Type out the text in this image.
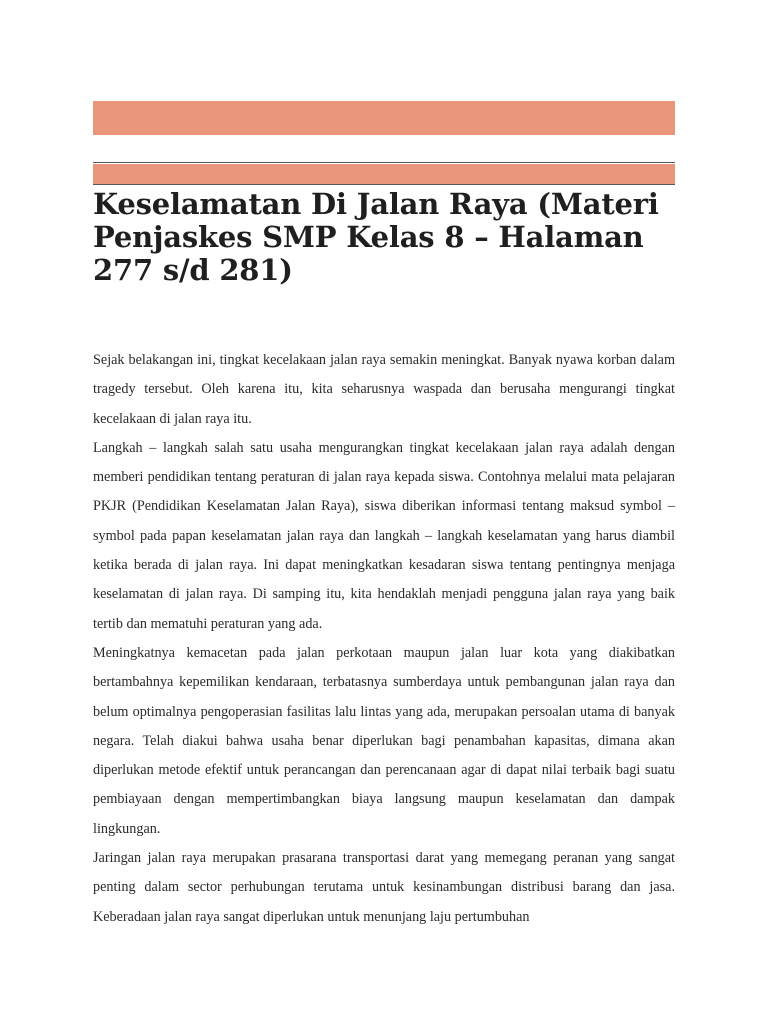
Keselamatan Di Jalan Raya (Materi Penjaskes SMP Kelas 8 – Halaman 277 s/d 281)

Sejak belakangan ini, tingkat kecelakaan jalan raya semakin meningkat. Banyak nyawa korban dalam tragedy tersebut. Oleh karena itu, kita seharusnya waspada dan berusaha mengurangi tingkat kecelakaan di jalan raya itu.

Langkah – langkah salah satu usaha mengurangkan tingkat kecelakaan jalan raya adalah dengan memberi pendidikan tentang peraturan di jalan raya kepada siswa. Contohnya melalui mata pelajaran PKJR (Pendidikan Keselamatan Jalan Raya), siswa diberikan informasi tentang maksud symbol – symbol pada papan keselamatan jalan raya dan langkah – langkah keselamatan yang harus diambil ketika berada di jalan raya. Ini dapat meningkatkan kesadaran siswa tentang pentingnya menjaga keselamatan di jalan raya. Di samping itu, kita hendaklah menjadi pengguna jalan raya yang baik tertib dan mematuhi peraturan yang ada.

Meningkatnya kemacetan pada jalan perkotaan maupun jalan luar kota yang diakibatkan bertambahnya kepemilikan kendaraan, terbatasnya sumberdaya untuk pembangunan jalan raya dan belum optimalnya pengoperasian fasilitas lalu lintas yang ada, merupakan persoalan utama di banyak negara. Telah diakui bahwa usaha benar diperlukan bagi penambahan kapasitas, dimana akan diperlukan metode efektif untuk perancangan dan perencanaan agar di dapat nilai terbaik bagi suatu pembiayaan dengan mempertimbangkan biaya langsung maupun keselamatan dan dampak lingkungan.

Jaringan jalan raya merupakan prasarana transportasi darat yang memegang peranan yang sangat penting dalam sector perhubungan terutama untuk kesinambungan distribusi barang dan jasa. Keberadaan jalan raya sangat diperlukan untuk menunjang laju pertumbuhan
